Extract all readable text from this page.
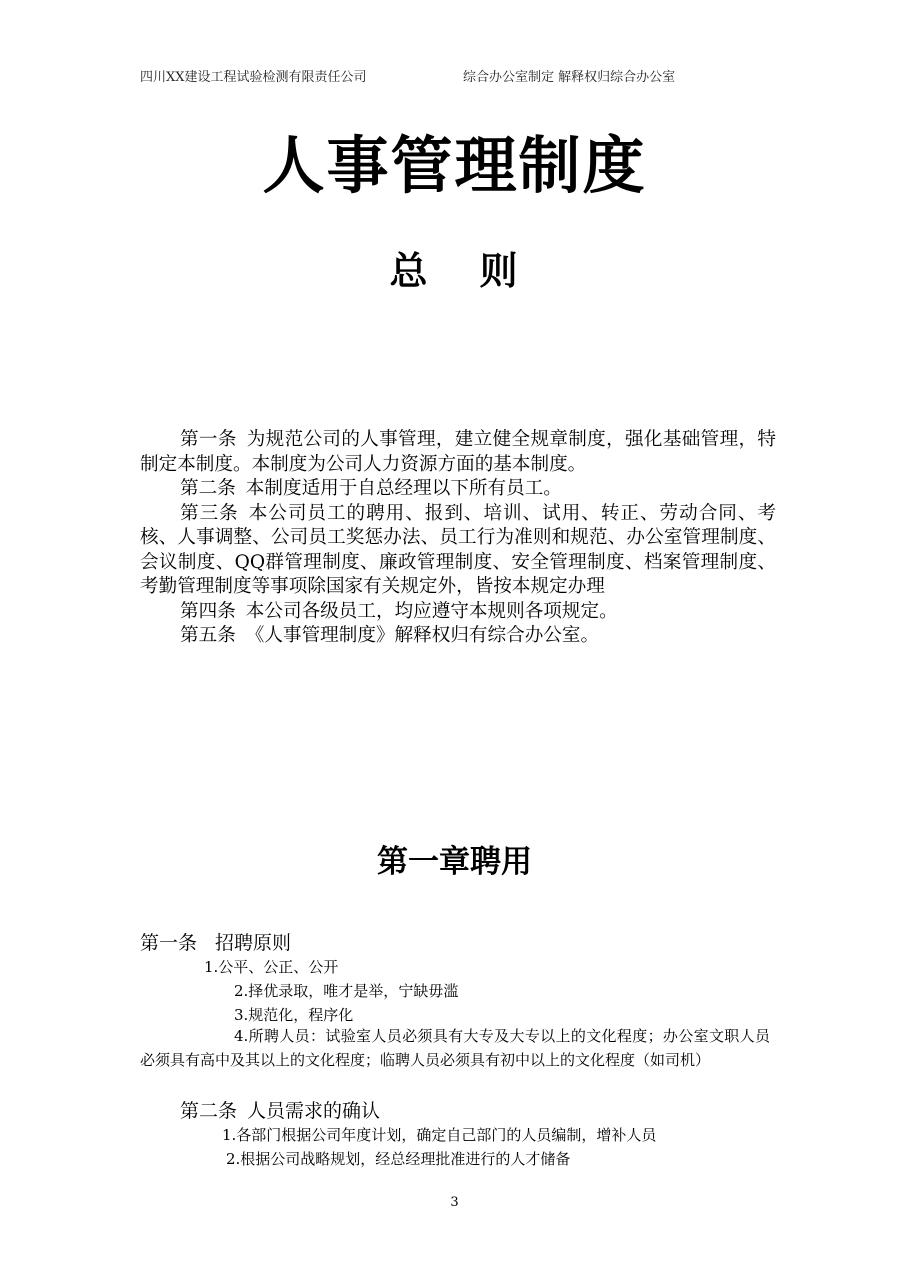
四川XX建设工程试验检测有限责任公司	综合办公室制定 解释权归综合办公室
人事管理制度
总 则

第一条 为规范公司的人事管理，建立健全规章制度，强化基础管理，特制定本制度。本制度为公司人力资源方面的基本制度。

第二条 本制度适用于自总经理以下所有员工。

第三条 本公司员工的聘用、报到、培训、试用、转正、劳动合同、考核、人事调整、公司员工奖惩办法、员工行为准则和规范、办公室管理制度、会议制度、QQ群管理制度、廉政管理制度、安全管理制度、档案管理制度、考勤管理制度等事项除国家有关规定外，皆按本规定办理

第四条 本公司各级员工，均应遵守本规则各项规定。

第五条 《人事管理制度》解释权归有综合办公室。

第一章聘用
第一条 招聘原则
1.公平、公正、公开
2.择优录取，唯才是举，宁缺毋滥
3.规范化，程序化
4.所聘人员：试验室人员必须具有大专及大专以上的文化程度；办公室文职人员必须具有高中及其以上的文化程度；临聘人员必须具有初中以上的文化程度（如司机）
第二条 人员需求的确认
1.各部门根据公司年度计划，确定自己部门的人员编制，增补人员
2.根据公司战略规划，经总经理批准进行的人才储备
3
